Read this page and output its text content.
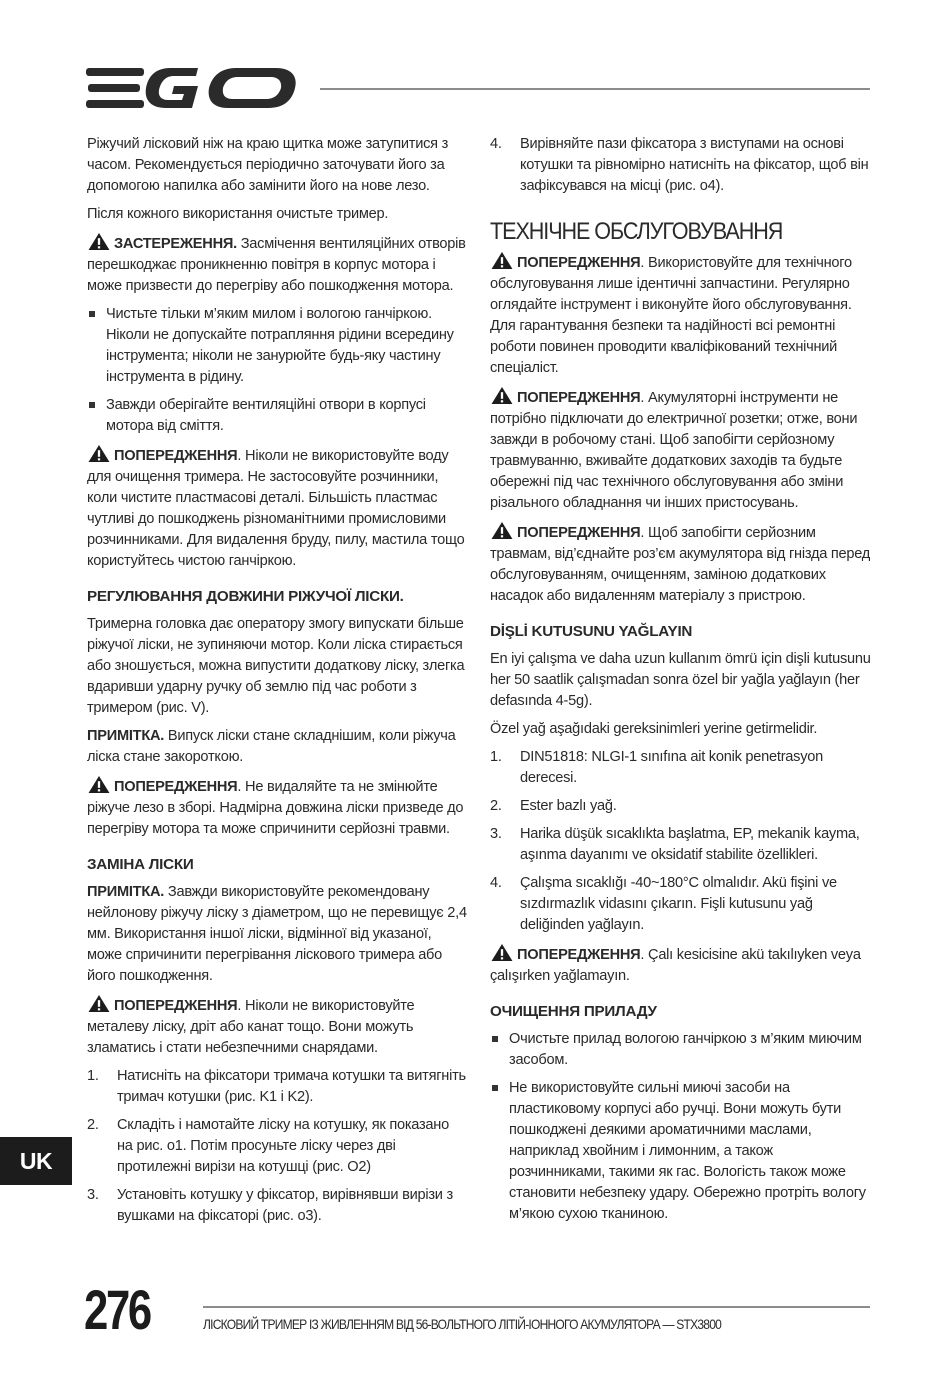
Ріжучий лісковий ніж на краю щитка може затупитися з часом. Рекомендується періодично заточувати його за допомогою напилка або замінити його на нове лезо.

Після кожного використання очистьте тример.

ЗАСТЕРЕЖЕННЯ. Засмічення вентиляційних отворів перешкоджає проникненню повітря в корпус мотора і може призвести до перегріву або пошкодження мотора.

Чистьте тільки м’яким милом і вологою ганчіркою. Ніколи не допускайте потрапляння рідини всередину інструмента; ніколи не занурюйте будь-яку частину інструмента в рідину.
Завжди оберігайте вентиляційні отвори в корпусі мотора від сміття.

ПОПЕРЕДЖЕННЯ. Ніколи не використовуйте воду для очищення тримера. Не застосовуйте розчинники, коли чистите пластмасові деталі. Більшість пластмас чутливі до пошкоджень різноманітними промисловими розчинниками. Для видалення бруду, пилу, мастила тощо користуйтесь чистою ганчіркою.

РЕГУЛЮВАННЯ ДОВЖИНИ РІЖУЧОЇ ЛІСКИ.

Тримерна головка дає оператору змогу випускати більше ріжучої ліски, не зупиняючи мотор. Коли ліска стирається або зношується, можна випустити додаткову ліску, злегка вдаривши ударну ручку об землю під час роботи з тримером (рис. V).

ПРИМІТКА. Випуск ліски стане складнішим, коли ріжуча ліска стане закороткою.

ПОПЕРЕДЖЕННЯ. Не видаляйте та не змінюйте ріжуче лезо в зборі. Надмірна довжина ліски призведе до перегріву мотора та може спричинити серйозні травми.

ЗАМІНА ЛІСКИ

ПРИМІТКА. Завжди використовуйте рекомендовану нейлонову ріжучу ліску з діаметром, що не перевищує 2,4 мм. Використання іншої ліски, відмінної від указаної, може спричинити перегрівання ліскового тримера або його пошкодження.

ПОПЕРЕДЖЕННЯ. Ніколи не використовуйте металеву ліску, дріт або канат тощо. Вони можуть зламатись і стати небезпечними снарядами.

1. Натисніть на фіксатори тримача котушки та витягніть тримач котушки (рис. K1 і K2).
2. Складіть і намотайте ліску на котушку, як показано на рис. o1. Потім просуньте ліску через дві протилежні вирізи на котушці (рис. O2)
3. Установіть котушку у фіксатор, вирівнявши вирізи з вушками на фіксаторі (рис. o3).
4. Вирівняйте пази фіксатора з виступами на основі котушки та рівномірно натисніть на фіксатор, щоб він зафіксувався на місці (рис. o4).
ТЕХНІЧНЕ ОБСЛУГОВУВАННЯ

ПОПЕРЕДЖЕННЯ. Використовуйте для технічного обслуговування лише ідентичні запчастини. Регулярно оглядайте інструмент і виконуйте його обслуговування. Для гарантування безпеки та надійності всі ремонтні роботи повинен проводити кваліфікований технічний спеціаліст.

ПОПЕРЕДЖЕННЯ. Акумуляторні інструменти не потрібно підключати до електричної розетки; отже, вони завжди в робочому стані. Щоб запобігти серйозному травмуванню, вживайте додаткових заходів та будьте обережні під час технічного обслуговування або зміни різального обладнання чи інших пристосувань.

ПОПЕРЕДЖЕННЯ. Щоб запобігти серйозним травмам, від’єднайте роз’єм акумулятора від гнізда перед обслуговуванням, очищенням, заміною додаткових насадок або видаленням матеріалу з пристрою.

DİŞLİ KUTUSUNU YAĞLAYIN

En iyi çalışma ve daha uzun kullanım ömrü için dişli kutusunu her 50 saatlik çalışmadan sonra özel bir yağla yağlayın (her defasında 4-5g).

Özel yağ aşağıdaki gereksinimleri yerine getirmelidir.

1. DIN51818: NLGI-1 sınıfına ait konik penetrasyon derecesi.
2. Ester bazlı yağ.
3. Harika düşük sıcaklıkta başlatma, EP, mekanik kayma, aşınma dayanımı ve oksidatif stabilite özellikleri.
4. Çalışma sıcaklığı -40~180°C olmalıdır. Akü fişini ve sızdırmazlık vidasını çıkarın. Fişli kutusunu yağ deliğinden yağlayın.

ПОПЕРЕДЖЕННЯ. Çalı kesicisine akü takılıyken veya çalışırken yağlamayın.

ОЧИЩЕННЯ ПРИЛАДУ
Очистьте прилад вологою ганчіркою з м’яким миючим засобом.
Не використовуйте сильні миючі засоби на пластиковому корпусі або ручці. Вони можуть бути пошкоджені деякими ароматичними маслами, наприклад хвойним і лимонним, а також розчинниками, такими як гас. Вологість також може становити небезпеку удару. Обережно протріть вологу м’якою сухою тканиною.
UK
276	ЛІСКОВИЙ ТРИМЕР ІЗ ЖИВЛЕННЯМ ВІД 56-ВОЛЬТНОГО ЛІТІЙ-ІОННОГО АКУМУЛЯТОРА — STX3800
